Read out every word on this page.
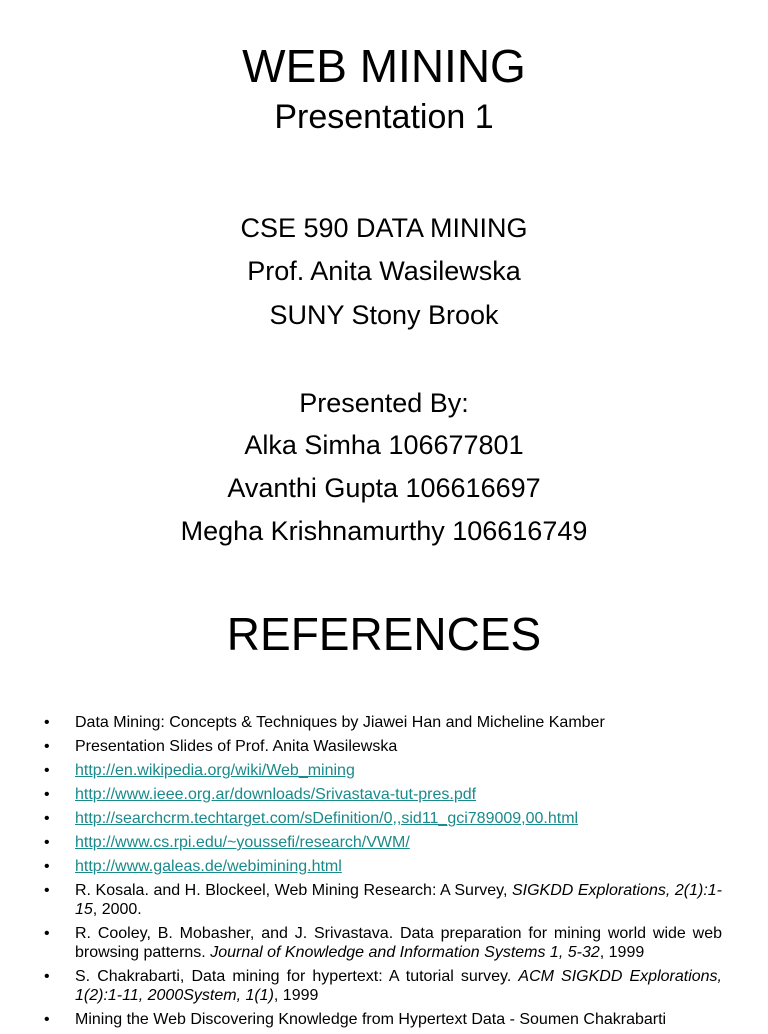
WEB MINING
Presentation 1
CSE 590 DATA MINING
Prof. Anita Wasilewska
SUNY Stony Brook
Presented By:
Alka Simha 106677801
Avanthi Gupta 106616697
Megha Krishnamurthy 106616749
REFERENCES
• Data Mining: Concepts & Techniques by Jiawei Han and Micheline Kamber
• Presentation Slides of Prof. Anita Wasilewska
• http://en.wikipedia.org/wiki/Web_mining
• http://www.ieee.org.ar/downloads/Srivastava-tut-pres.pdf
• http://searchcrm.techtarget.com/sDefinition/0,,sid11_gci789009,00.html
• http://www.cs.rpi.edu/~youssefi/research/VWM/
• http://www.galeas.de/webimining.html
• R. Kosala. and H. Blockeel, Web Mining Research: A Survey, SIGKDD Explorations, 2(1):1-15, 2000.
• R. Cooley, B. Mobasher, and J. Srivastava. Data preparation for mining world wide web browsing patterns. Journal of Knowledge and Information Systems 1, 5-32, 1999
• S. Chakrabarti, Data mining for hypertext: A tutorial survey. ACM SIGKDD Explorations, 1(2):1-11, 2000System, 1(1), 1999
• Mining the Web Discovering Knowledge from Hypertext Data - Soumen Chakrabarti
